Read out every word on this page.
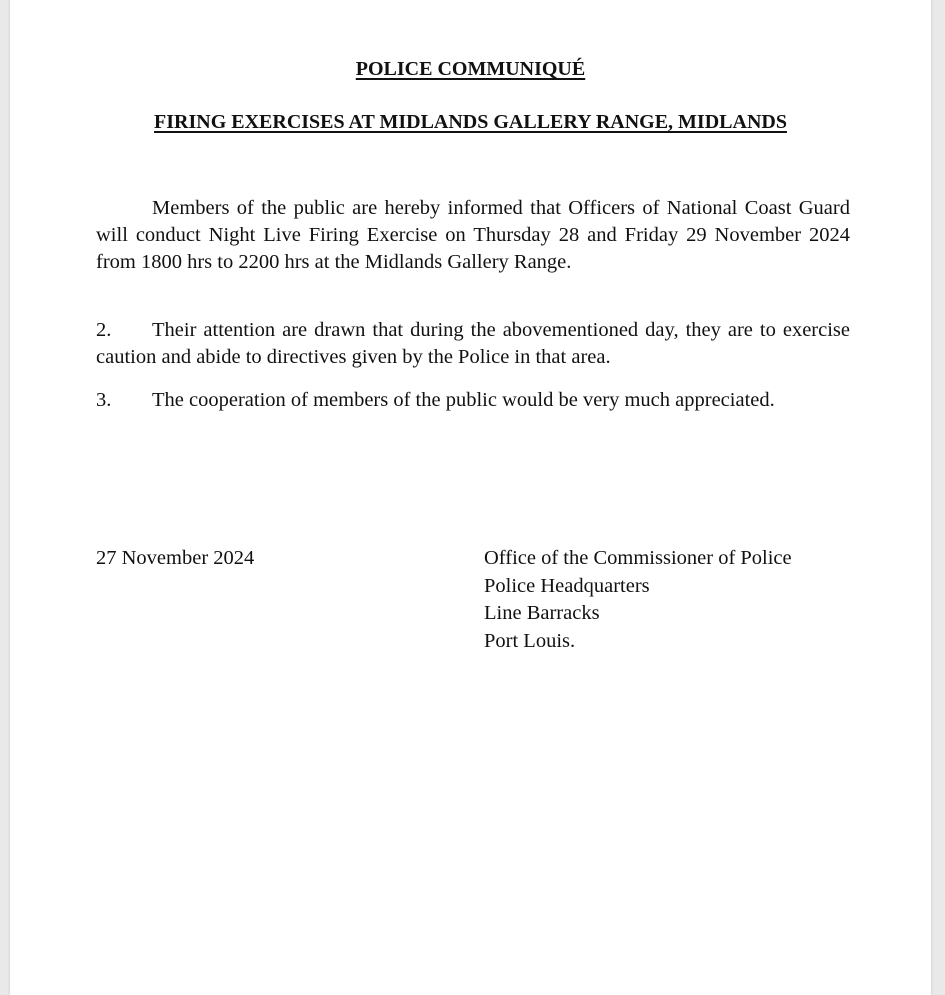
POLICE COMMUNIQUÉ
FIRING EXERCISES AT MIDLANDS GALLERY RANGE, MIDLANDS
Members of the public are hereby informed that Officers of National Coast Guard will conduct Night Live Firing Exercise on Thursday 28 and Friday 29 November 2024 from 1800 hrs to 2200 hrs at the Midlands Gallery Range.
2. Their attention are drawn that during the abovementioned day, they are to exercise caution and abide to directives given by the Police in that area.
3. The cooperation of members of the public would be very much appreciated.
27 November 2024	Office of the Commissioner of Police
Police Headquarters
Line Barracks
Port Louis.
